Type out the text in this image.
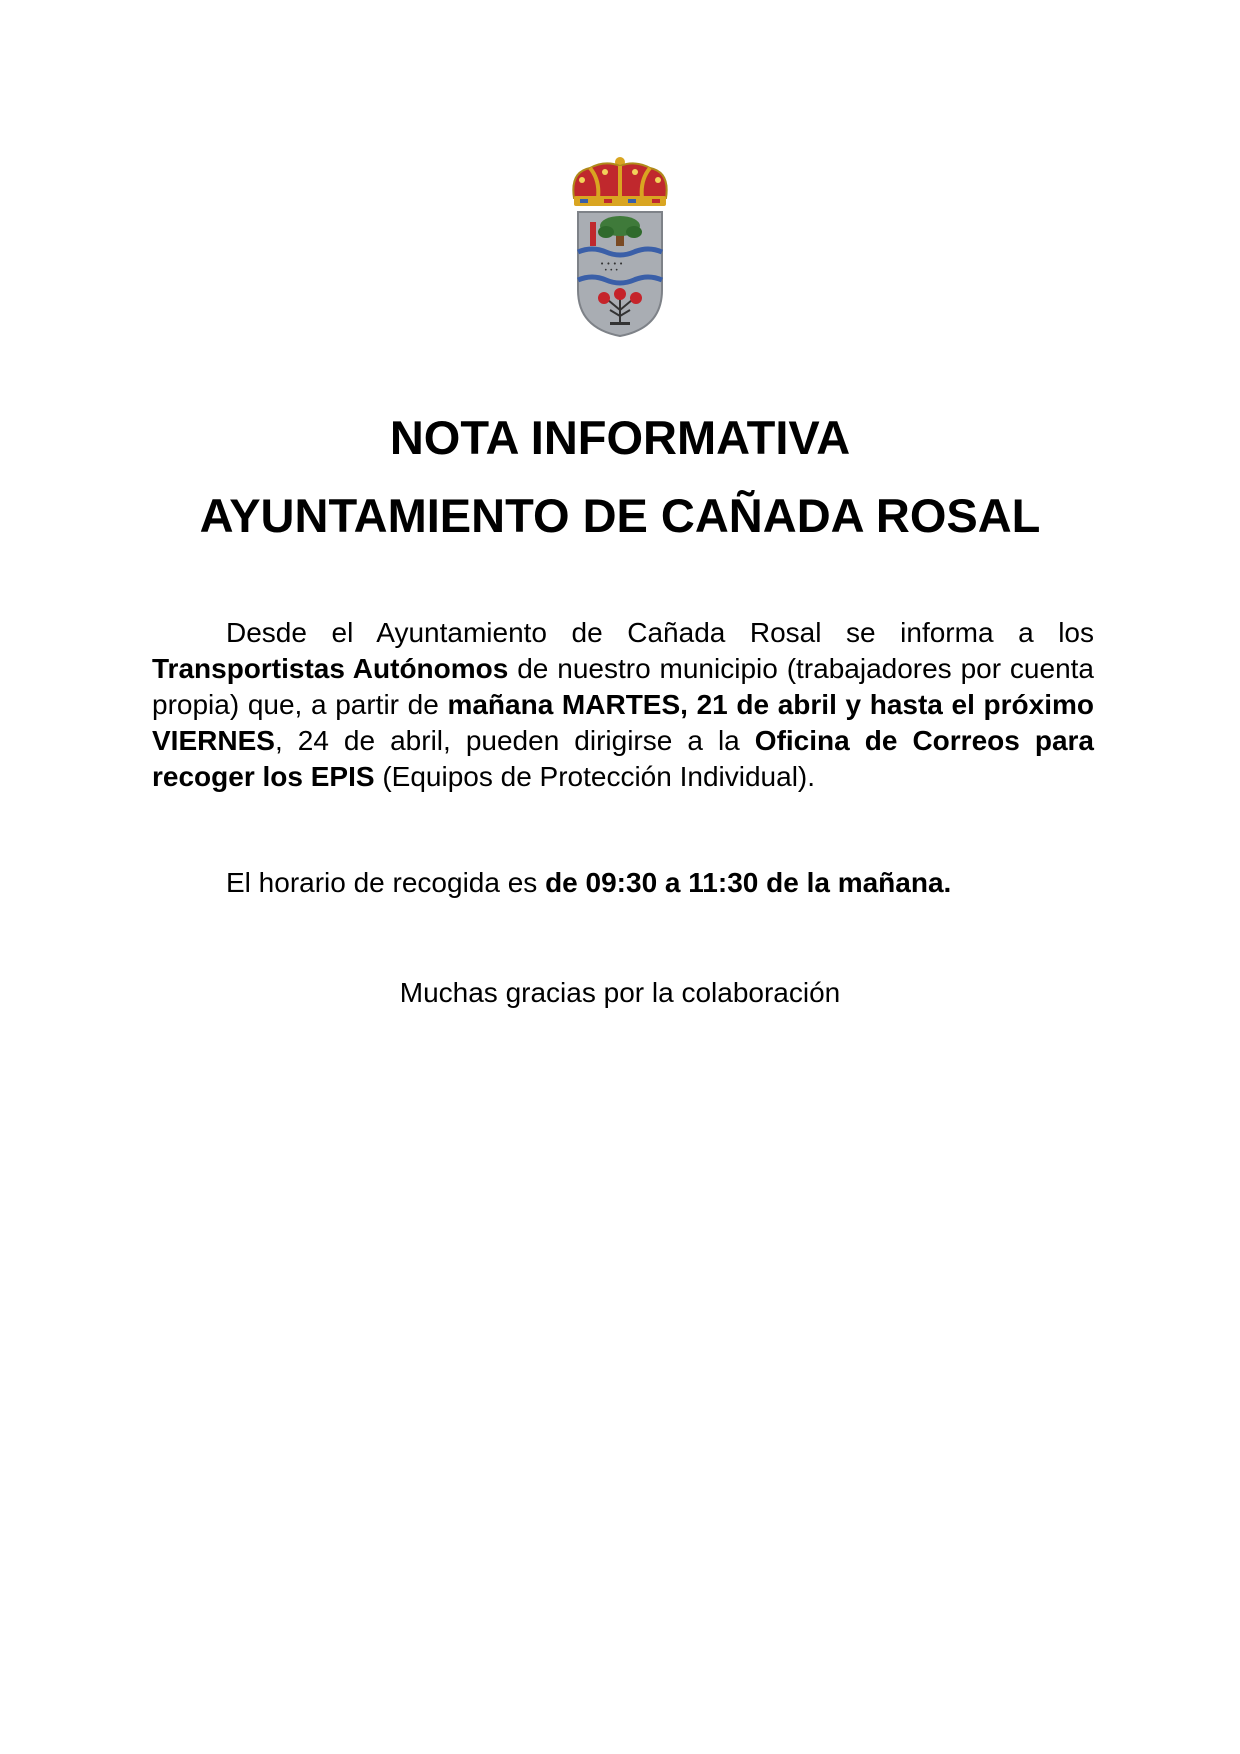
• • • •
• • •
NOTA INFORMATIVA
AYUNTAMIENTO DE CAÑADA ROSAL

Desde el Ayuntamiento de Cañada Rosal se informa a los Transportistas Autónomos de nuestro municipio (trabajadores por cuenta propia) que, a partir de mañana MARTES, 21 de abril y hasta el próximo VIERNES, 24 de abril, pueden dirigirse a la Oficina de Correos para recoger los EPIS (Equipos de Protección Individual).

El horario de recogida es de 09:30 a 11:30 de la mañana.

Muchas gracias por la colaboración
